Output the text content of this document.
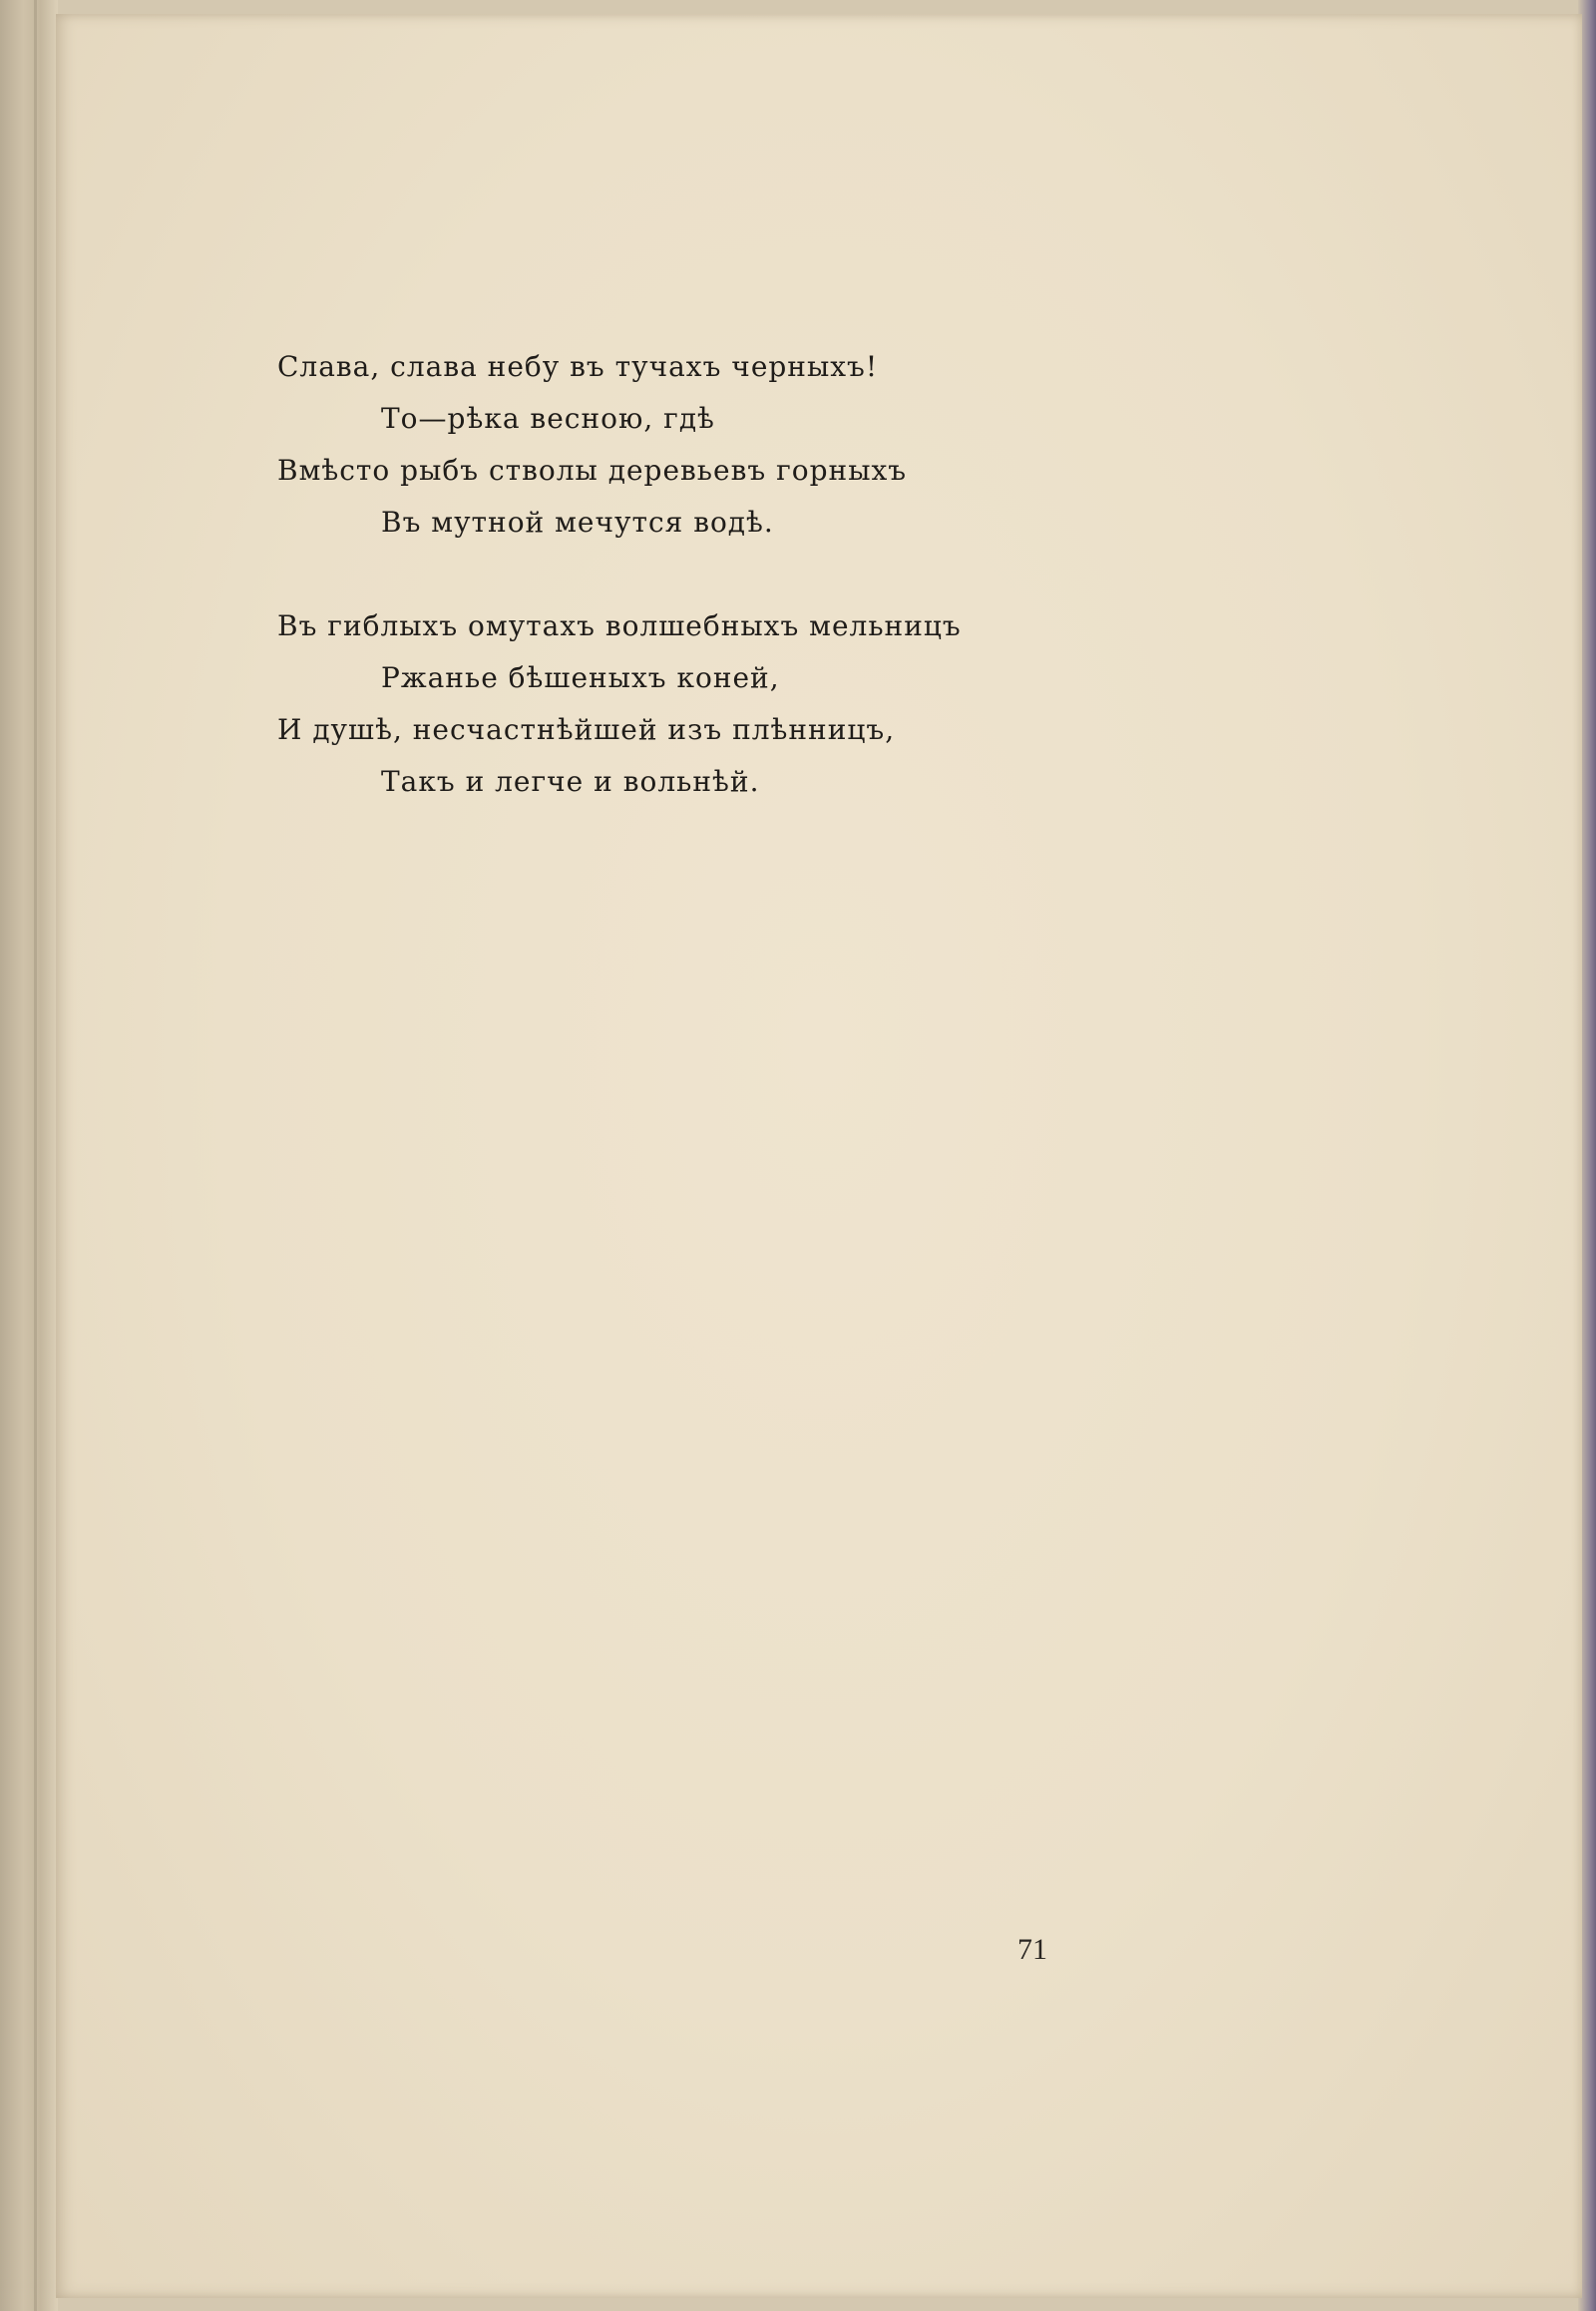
Слава, слава небу въ тучахъ черныхъ!
То—рѣка весною, гдѣ
Вмѣсто рыбъ стволы деревьевъ горныхъ
Въ мутной мечутся водѣ.
Въ гиблыхъ омутахъ волшебныхъ мельницъ
Ржанье бѣшеныхъ коней,
И душѣ, несчастнѣйшей изъ плѣнницъ,
Такъ и легче и вольнѣй.
71
